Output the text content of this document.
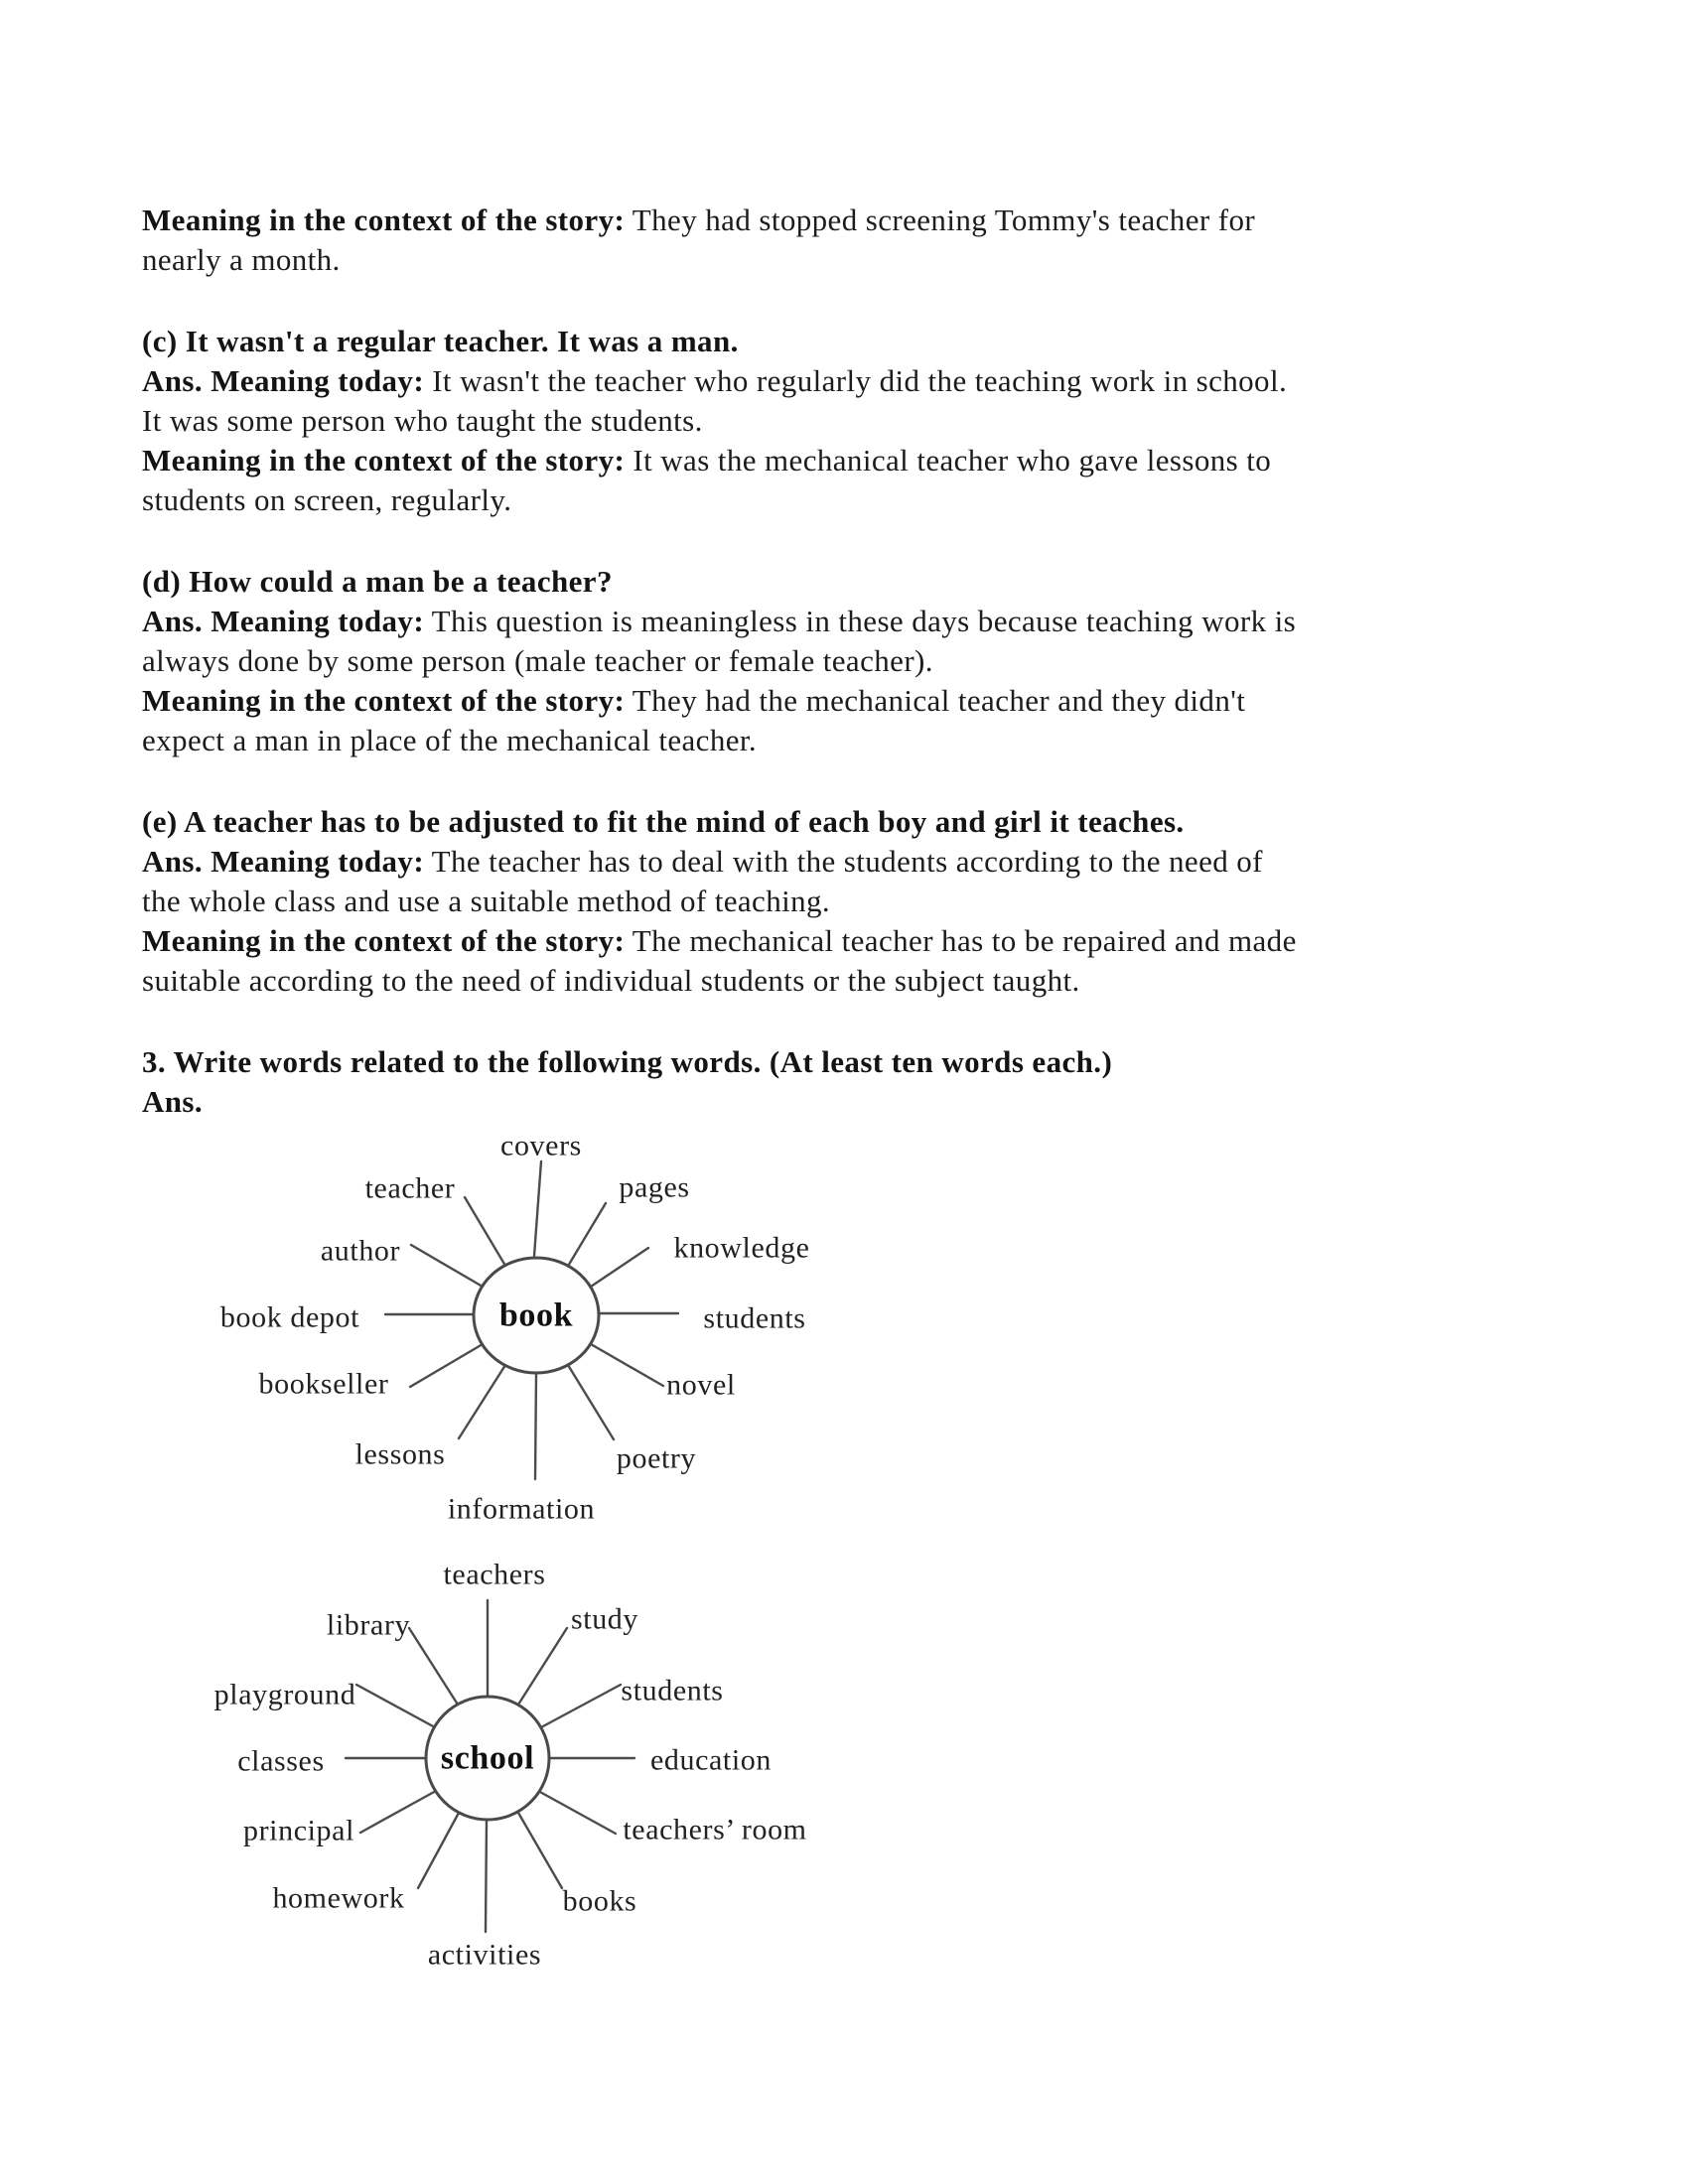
Meaning in the context of the story: They had stopped screening Tommy's teacher for
nearly a month.
(c) It wasn't a regular teacher. It was a man.
Ans. Meaning today: It wasn't the teacher who regularly did the teaching work in school.
It was some person who taught the students.
Meaning in the context of the story: It was the mechanical teacher who gave lessons to
students on screen, regularly.
(d) How could a man be a teacher?
Ans. Meaning today: This question is meaningless in these days because teaching work is
always done by some person (male teacher or female teacher).
Meaning in the context of the story: They had the mechanical teacher and they didn't
expect a man in place of the mechanical teacher.
(e) A teacher has to be adjusted to fit the mind of each boy and girl it teaches.
Ans. Meaning today: The teacher has to deal with the students according to the need of
the whole class and use a suitable method of teaching.
Meaning in the context of the story: The mechanical teacher has to be repaired and made
suitable according to the need of individual students or the subject taught.
3. Write words related to the following words. (At least ten words each.)
Ans.
book
covers
pages
knowledge
students
novel
poetry
information
lessons
bookseller
book depot
author
teacher
school
teachers
study
students
education
teachers’ room
books
activities
homework
principal
classes
playground
library
